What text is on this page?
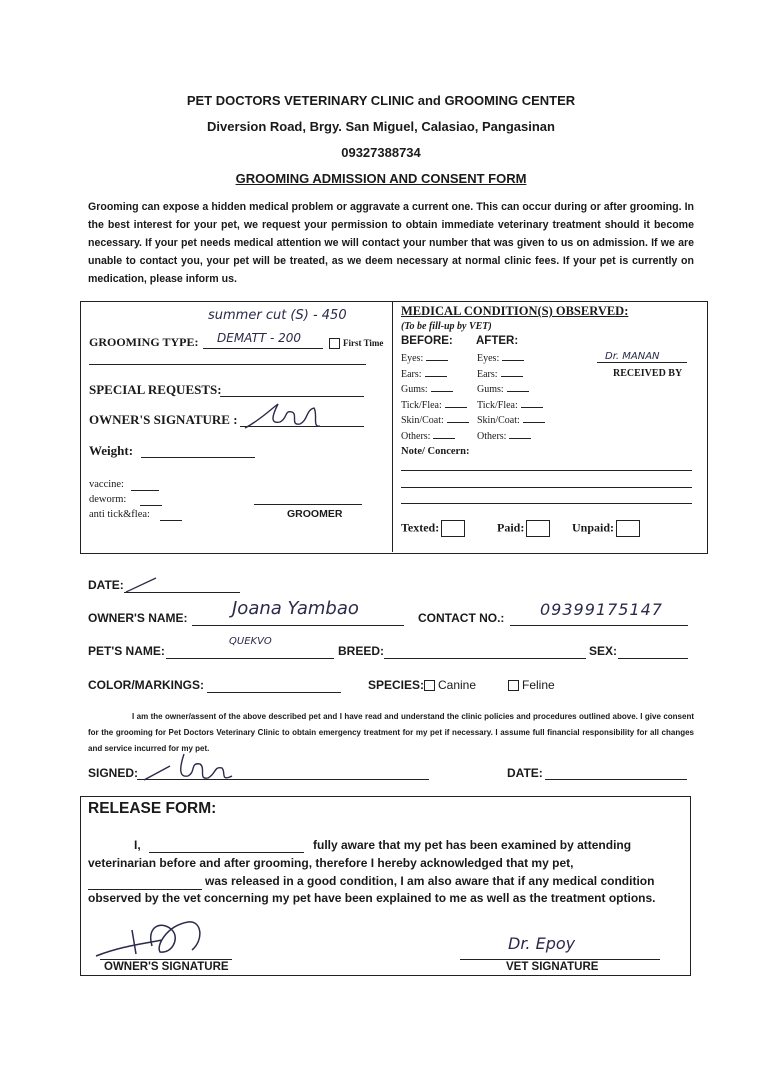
PET DOCTORS VETERINARY CLINIC and GROOMING CENTER
Diversion Road, Brgy. San Miguel, Calasiao, Pangasinan
09327388734
GROOMING ADMISSION AND CONSENT FORM
Grooming can expose a hidden medical problem or aggravate a current one. This can occur during or after grooming. In the best interest for your pet, we request your permission to obtain immediate veterinary treatment should it become necessary. If your pet needs medical attention we will contact your number that was given to us on admission. If we are unable to contact you, your pet will be treated, as we deem necessary at normal clinic fees. If your pet is currently on medication, please inform us.
summer cut (S) - 450
GROOMING TYPE: DEMATT - 200	First Time
SPECIAL REQUESTS:
OWNER'S SIGNATURE :
Weight:
vaccine:
deworm:
anti tick&flea:	GROOMER
MEDICAL CONDITION(S) OBSERVED:
(To be fill-up by VET)
BEFORE: AFTER:
Eyes:	Eyes:
Ears:	Ears:
Gums:	Gums:
Tick/Flea:	Tick/Flea:
Skin/Coat:	Skin/Coat:
Others:	Others:
Dr. MANAN
RECEIVED BY
Note/ Concern:
Texted:	Paid:	Unpaid:
DATE:
OWNER'S NAME: Joana Yambao	CONTACT NO.: 09399175147
PET'S NAME:
QUEKVO
BREED:	SEX:
COLOR/MARKINGS:	SPECIES:	Canine	Feline
I am the owner/assent of the above described pet and I have read and understand the clinic policies and procedures outlined above. I give consent for the grooming for Pet Doctors Veterinary Clinic to obtain emergency treatment for my pet if necessary. I assume full financial responsibility for all changes and service incurred for my pet.
SIGNED:	DATE:
RELEASE FORM:
I,	fully aware that my pet has been examined by attending
veterinarian before and after grooming, therefore I hereby acknowledged that my pet,
was released in a good condition, I am also aware that if any medical condition
observed by the vet concerning my pet have been explained to me as well as the treatment options.
OWNER'S SIGNATURE
Dr. Epoy
VET SIGNATURE
